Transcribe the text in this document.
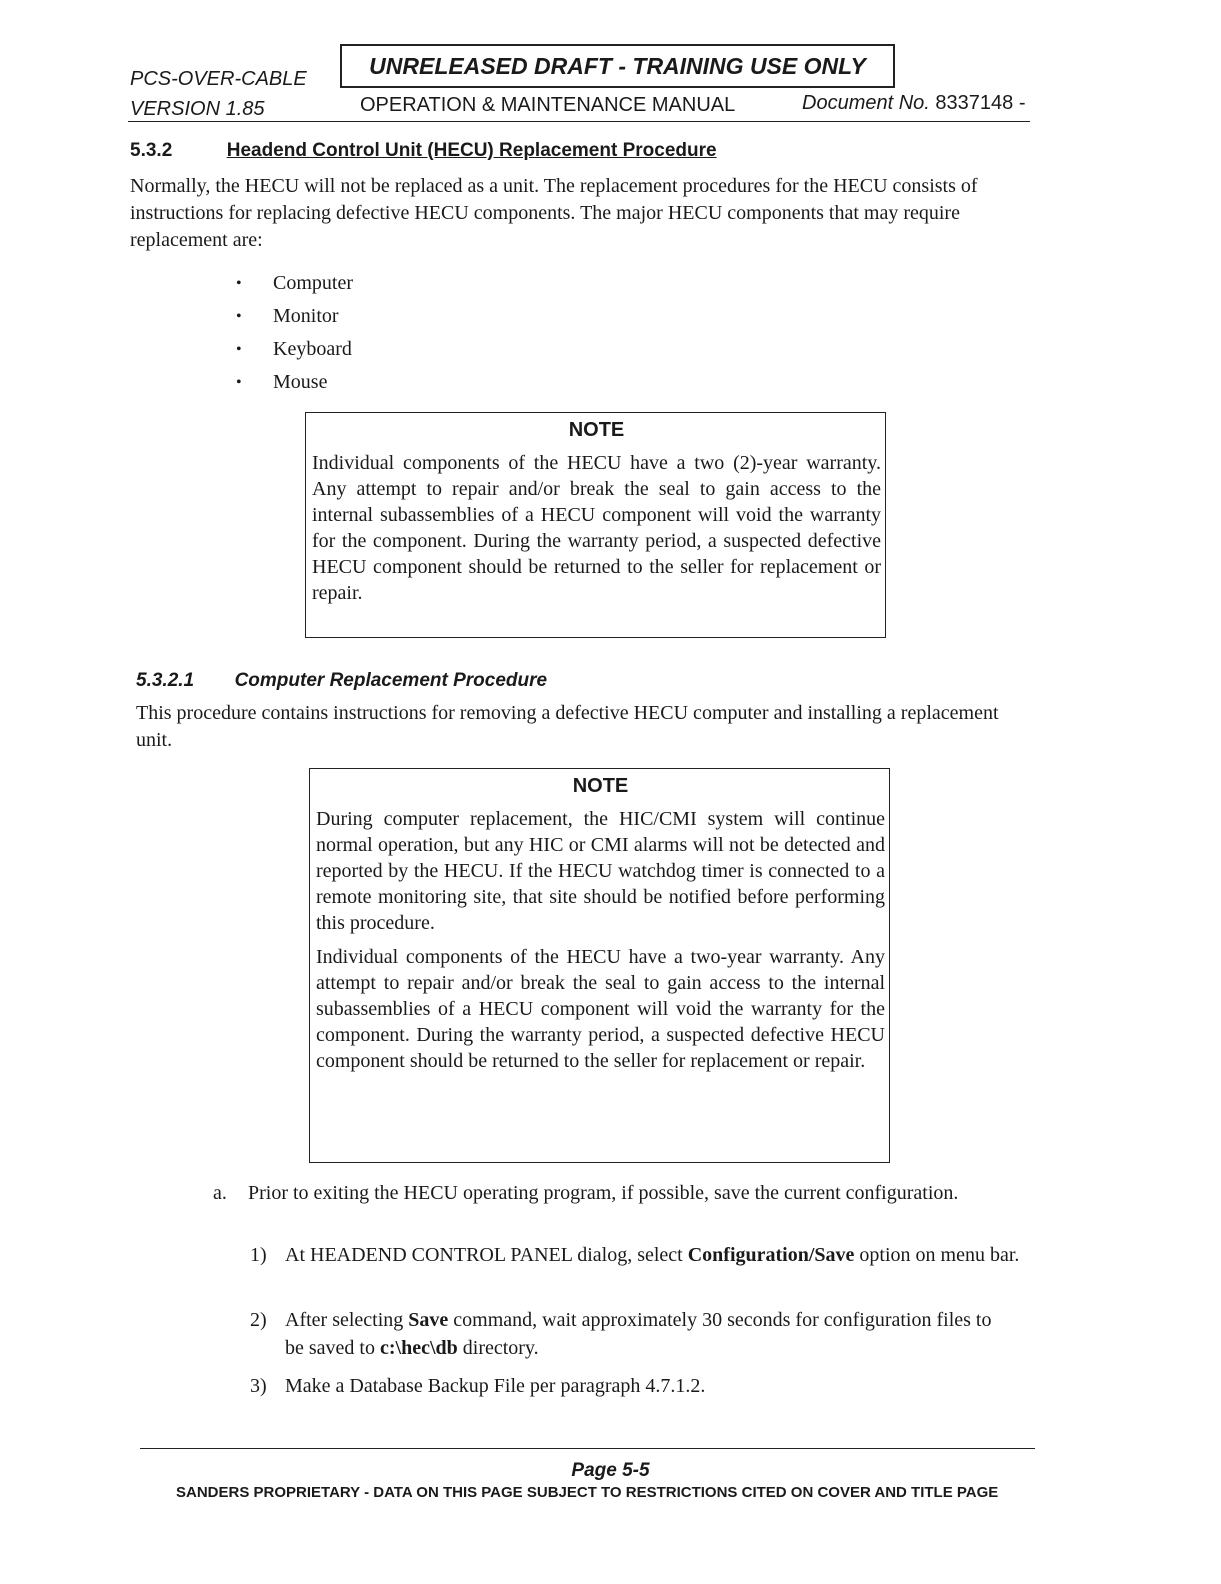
PCS-OVER-CABLE
VERSION 1.85
UNRELEASED DRAFT - TRAINING USE ONLY
OPERATION & MAINTENANCE MANUAL	Document No. 8337148 -
5.3.2	Headend Control Unit (HECU) Replacement Procedure
Normally, the HECU will not be replaced as a unit. The replacement procedures for the HECU consists of instructions for replacing defective HECU components. The major HECU components that may require replacement are:
• Computer
• Monitor
• Keyboard
• Mouse
NOTE

Individual components of the HECU have a two (2)-year warranty. Any attempt to repair and/or break the seal to gain access to the internal subassemblies of a HECU component will void the warranty for the component. During the warranty period, a suspected defective HECU component should be returned to the seller for replacement or repair.

5.3.2.1 Computer Replacement Procedure
This procedure contains instructions for removing a defective HECU computer and installing a replacement unit.
NOTE

During computer replacement, the HIC/CMI system will continue normal operation, but any HIC or CMI alarms will not be detected and reported by the HECU. If the HECU watchdog timer is connected to a remote monitoring site, that site should be notified before performing this procedure.

Individual components of the HECU have a two-year warranty. Any attempt to repair and/or break the seal to gain access to the internal subassemblies of a HECU component will void the warranty for the component. During the warranty period, a suspected defective HECU component should be returned to the seller for replacement or repair.

a. Prior to exiting the HECU operating program, if possible, save the current configuration.
1) At HEADEND CONTROL PANEL dialog, select Configuration/Save option on menu bar.
2) After selecting Save command, wait approximately 30 seconds for configuration files to be saved to c:\hec\db directory.
3) Make a Database Backup File per paragraph 4.7.1.2.
Page 5-5
SANDERS PROPRIETARY - DATA ON THIS PAGE SUBJECT TO RESTRICTIONS CITED ON COVER AND TITLE PAGE
